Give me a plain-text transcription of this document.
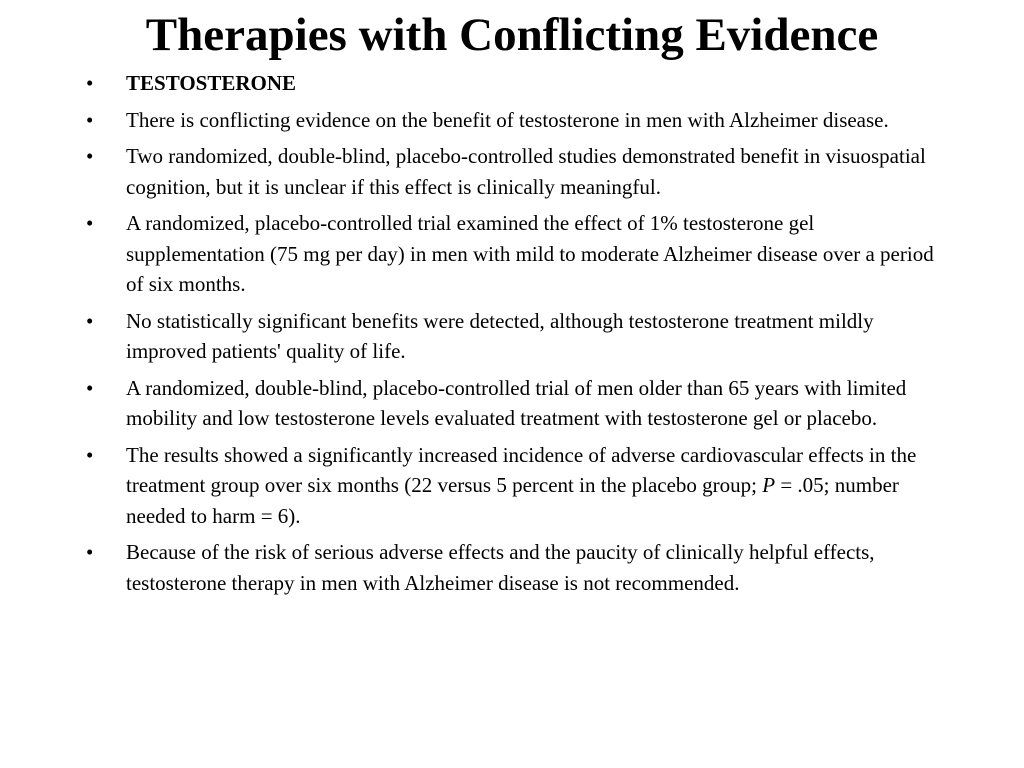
Therapies with Conflicting Evidence
•	TESTOSTERONE
•	There is conflicting evidence on the benefit of testosterone in men with Alzheimer disease.
•	Two randomized, double-blind, placebo-controlled studies demonstrated benefit in visuospatial cognition, but it is unclear if this effect is clinically meaningful.
•	A randomized, placebo-controlled trial examined the effect of 1% testosterone gel supplementation (75 mg per day) in men with mild to moderate Alzheimer disease over a period of six months.
•	No statistically significant benefits were detected, although testosterone treatment mildly improved patients' quality of life.
•	A randomized, double-blind, placebo-controlled trial of men older than 65 years with limited mobility and low testosterone levels evaluated treatment with testosterone gel or placebo.
•	The results showed a significantly increased incidence of adverse cardiovascular effects in the treatment group over six months (22 versus 5 percent in the placebo group; P = .05; number needed to harm = 6).
•	Because of the risk of serious adverse effects and the paucity of clinically helpful effects, testosterone therapy in men with Alzheimer disease is not recommended.
